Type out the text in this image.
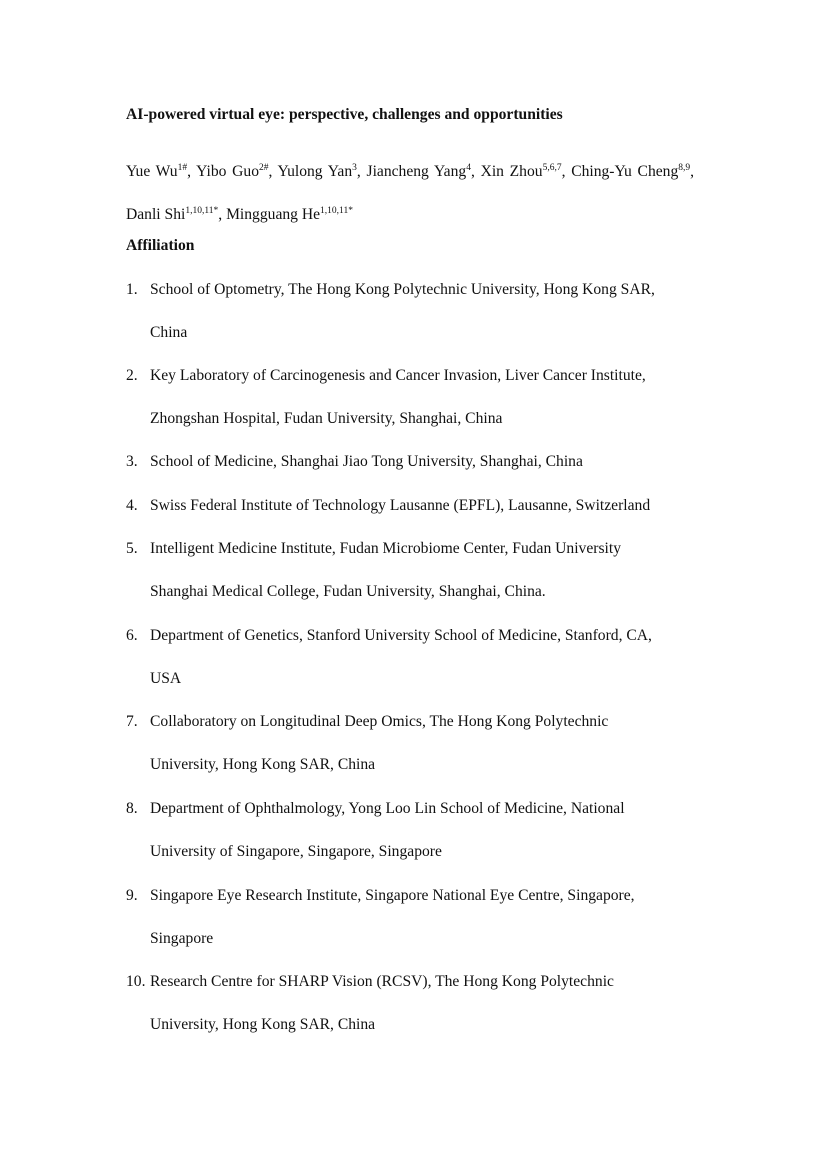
AI-powered virtual eye: perspective, challenges and opportunities
Yue $Wu^{1\#}$, Yibo Guo$^{2\#}$, Yulong Yan$^3$, Jiancheng Yang$^4$, Xin Zhou$^{5,6,7}$, Ching-Yu Cheng$^{8,9}$, Danli Shi$^{1,10,11*}$, Mingguang $He^{1,10,11*}$
Affiliation
1. School of Optometry, The Hong Kong Polytechnic University, Hong Kong SAR,
China
2. Key Laboratory of Carcinogenesis and Cancer Invasion, Liver Cancer Institute,
Zhongshan Hospital, Fudan University, Shanghai, China
3. School of Medicine, Shanghai Jiao Tong University, Shanghai, China
4. Swiss Federal Institute of Technology Lausanne (EPFL), Lausanne, Switzerland
5. Intelligent Medicine Institute, Fudan Microbiome Center, Fudan University
Shanghai Medical College, Fudan University, Shanghai, China.
6. Department of Genetics, Stanford University School of Medicine, Stanford, CA,
USA
7. Collaboratory on Longitudinal Deep Omics, The Hong Kong Polytechnic
University, Hong Kong SAR, China
8. Department of Ophthalmology, Yong Loo Lin School of Medicine, National
University of Singapore, Singapore, Singapore
9. Singapore Eye Research Institute, Singapore National Eye Centre, Singapore,
Singapore
10. Research Centre for SHARP Vision (RCSV), The Hong Kong Polytechnic
University, Hong Kong SAR, China
